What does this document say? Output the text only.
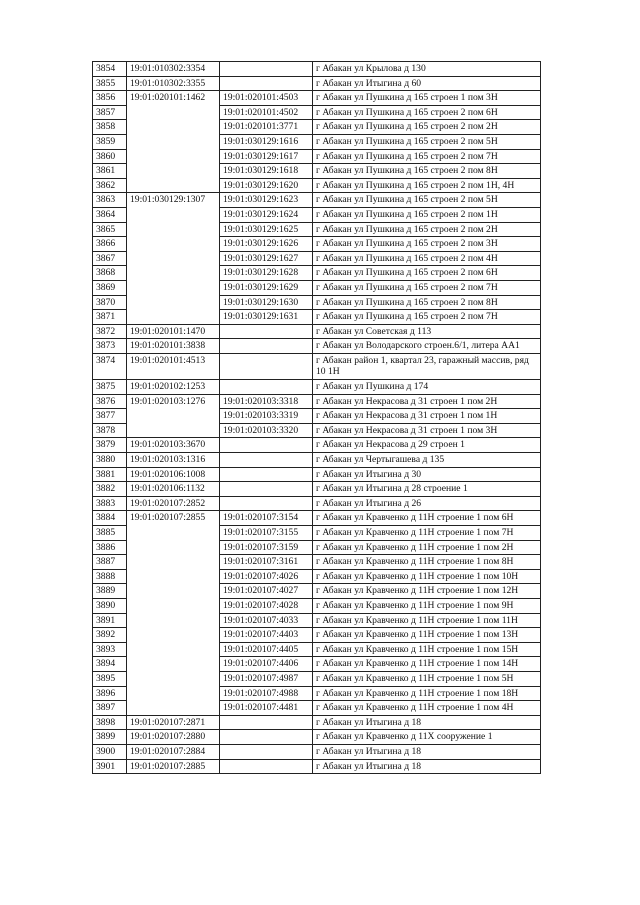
3854	19:01:010302:3354		г Абакан ул Крылова д 130
3855	19:01:010302:3355		г Абакан ул Итыгина д 60
3856	19:01:020101:1462	19:01:020101:4503	г Абакан ул Пушкина д 165 строен 1 пом 3Н
3857		19:01:020101:4502	г Абакан ул Пушкина д 165 строен 2 пом 6Н
3858		19:01:020101:3771	г Абакан ул Пушкина д 165 строен 2 пом 2Н
3859		19:01:030129:1616	г Абакан ул Пушкина д 165 строен 2 пом 5Н
3860		19:01:030129:1617	г Абакан ул Пушкина д 165 строен 2 пом 7Н
3861		19:01:030129:1618	г Абакан ул Пушкина д 165 строен 2 пом 8Н
3862		19:01:030129:1620	г Абакан ул Пушкина д 165 строен 2 пом 1Н, 4Н
3863	19:01:030129:1307	19:01:030129:1623	г Абакан ул Пушкина д 165 строен 2 пом 5Н
3864		19:01:030129:1624	г Абакан ул Пушкина д 165 строен 2 пом 1Н
3865		19:01:030129:1625	г Абакан ул Пушкина д 165 строен 2 пом 2Н
3866		19:01:030129:1626	г Абакан ул Пушкина д 165 строен 2 пом 3Н
3867		19:01:030129:1627	г Абакан ул Пушкина д 165 строен 2 пом 4Н
3868		19:01:030129:1628	г Абакан ул Пушкина д 165 строен 2 пом 6Н
3869		19:01:030129:1629	г Абакан ул Пушкина д 165 строен 2 пом 7Н
3870		19:01:030129:1630	г Абакан ул Пушкина д 165 строен 2 пом 8Н
3871		19:01:030129:1631	г Абакан ул Пушкина д 165 строен 2 пом 7Н
3872	19:01:020101:1470		г Абакан ул Советская д 113
3873	19:01:020101:3838		г Абакан ул Володарского строен.6/1, литера АА1
3874	19:01:020101:4513		г Абакан район 1, квартал 23, гаражный массив, ряд 10 1Н
3875	19:01:020102:1253		г Абакан ул Пушкина д 174
3876	19:01:020103:1276	19:01:020103:3318	г Абакан ул Некрасова д 31 строен 1 пом 2Н
3877		19:01:020103:3319	г Абакан ул Некрасова д 31 строен 1 пом 1Н
3878		19:01:020103:3320	г Абакан ул Некрасова д 31 строен 1 пом 3Н
3879	19:01:020103:3670		г Абакан ул Некрасова д 29 строен 1
3880	19:01:020103:1316		г Абакан ул Чертыгашева д 135
3881	19:01:020106:1008		г Абакан ул Итыгина д 30
3882	19:01:020106:1132		г Абакан ул Итыгина д 28 строение 1
3883	19:01:020107:2852		г Абакан ул Итыгина д 26
3884	19:01:020107:2855	19:01:020107:3154	г Абакан ул Кравченко д 11Н строение 1 пом 6Н
3885		19:01:020107:3155	г Абакан ул Кравченко д 11Н строение 1 пом 7Н
3886		19:01:020107:3159	г Абакан ул Кравченко д 11Н строение 1 пом 2Н
3887		19:01:020107:3161	г Абакан ул Кравченко д 11Н строение 1 пом 8Н
3888		19:01:020107:4026	г Абакан ул Кравченко д 11Н строение 1 пом 10Н
3889		19:01:020107:4027	г Абакан ул Кравченко д 11Н строение 1 пом 12Н
3890		19:01:020107:4028	г Абакан ул Кравченко д 11Н строение 1 пом 9Н
3891		19:01:020107:4033	г Абакан ул Кравченко д 11Н строение 1 пом 11Н
3892		19:01:020107:4403	г Абакан ул Кравченко д 11Н строение 1 пом 13Н
3893		19:01:020107:4405	г Абакан ул Кравченко д 11Н строение 1 пом 15Н
3894		19:01:020107:4406	г Абакан ул Кравченко д 11Н строение 1 пом 14Н
3895		19:01:020107:4987	г Абакан ул Кравченко д 11Н строение 1 пом 5Н
3896		19:01:020107:4988	г Абакан ул Кравченко д 11Н строение 1 пом 18Н
3897		19:01:020107:4481	г Абакан ул Кравченко д 11Н строение 1 пом 4Н
3898	19:01:020107:2871		г Абакан ул Итыгина д 18
3899	19:01:020107:2880		г Абакан ул Кравченко д 11Х сооружение 1
3900	19:01:020107:2884		г Абакан ул Итыгина д 18
3901	19:01:020107:2885		г Абакан ул Итыгина д 18
